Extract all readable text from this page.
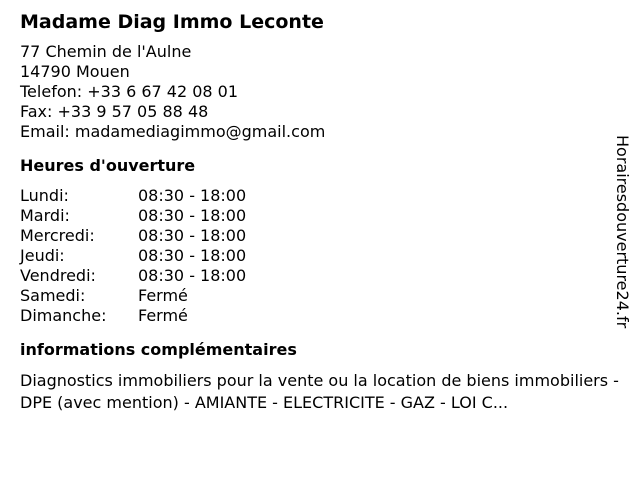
Madame Diag Immo Leconte
77 Chemin de l'Aulne
14790 Mouen
Telefon: +33 6 67 42 08 01
Fax: +33 9 57 05 88 48
Email: madamediagimmo@gmail.com
Heures d'ouverture
Lundi:	08:30 - 18:00
Mardi:	08:30 - 18:00
Mercredi:	08:30 - 18:00
Jeudi:	08:30 - 18:00
Vendredi:	08:30 - 18:00
Samedi:	Fermé
Dimanche:	Fermé
informations complémentaires
Diagnostics immobiliers pour la vente ou la location de biens immobiliers - DPE (avec mention) - AMIANTE - ELECTRICITE - GAZ - LOI C...
Horairesdouverture24.fr
